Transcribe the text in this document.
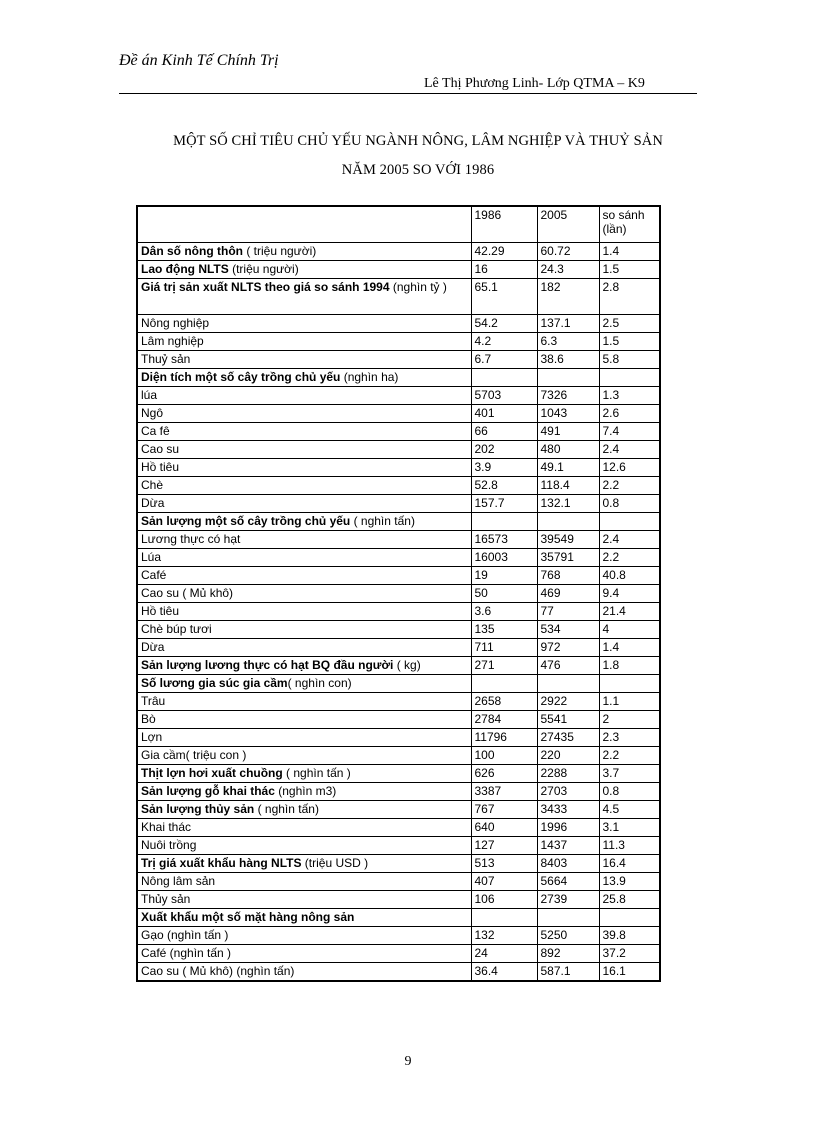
Đề án Kinh Tế Chính Trị
Lê Thị Phương Linh- Lớp QTMA – K9
MỘT SỐ CHỈ TIÊU CHỦ YẾU NGÀNH NÔNG, LÂM NGHIỆP VÀ THUỶ SẢN
NĂM 2005 SO VỚI 1986
	1986	2005	so sánh (lần)
Dân số nông thôn ( triệu người)	42.29	60.72	1.4
Lao động NLTS (triệu người)	16	24.3	1.5
Giá trị sản xuất NLTS theo giá so sánh 1994 (nghìn tỷ )	65.1	182	2.8
Nông nghiệp	54.2	137.1	2.5
Lâm nghiệp	4.2	6.3	1.5
Thuỷ sản	6.7	38.6	5.8
Diện tích một số cây trồng chủ yếu (nghìn ha)			
lúa	5703	7326	1.3
Ngô	401	1043	2.6
Ca fê	66	491	7.4
Cao su	202	480	2.4
Hồ tiêu	3.9	49.1	12.6
Chè	52.8	118.4	2.2
Dừa	157.7	132.1	0.8
Sản lượng một số cây trồng chủ yếu ( nghìn tấn)			
Lương thực có hạt	16573	39549	2.4
Lúa	16003	35791	2.2
Café	19	768	40.8
Cao su ( Mủ khô)	50	469	9.4
Hồ tiêu	3.6	77	21.4
Chè búp tươi	135	534	4
Dừa	711	972	1.4
Sản lượng lương thực có hạt BQ đầu người ( kg)	271	476	1.8
Số lương gia súc gia cầm( nghìn con)			
Trâu	2658	2922	1.1
Bò	2784	5541	2
Lợn	11796	27435	2.3
Gia cầm( triệu con )	100	220	2.2
Thịt lợn hơi xuất chuồng ( nghìn tấn )	626	2288	3.7
Sản lượng gỗ khai thác (nghìn m3)	3387	2703	0.8
Sản lượng thủy sản ( nghìn tấn)	767	3433	4.5
Khai thác	640	1996	3.1
Nuôi trồng	127	1437	11.3
Trị giá xuất khẩu hàng NLTS (triệu USD )	513	8403	16.4
Nông lâm sản	407	5664	13.9
Thủy sản	106	2739	25.8
Xuất khẩu một số mặt hàng nông sản			
Gạo (nghìn tấn )	132	5250	39.8
Café (nghìn tấn )	24	892	37.2
Cao su ( Mủ khô) (nghìn tấn)	36.4	587.1	16.1
9
